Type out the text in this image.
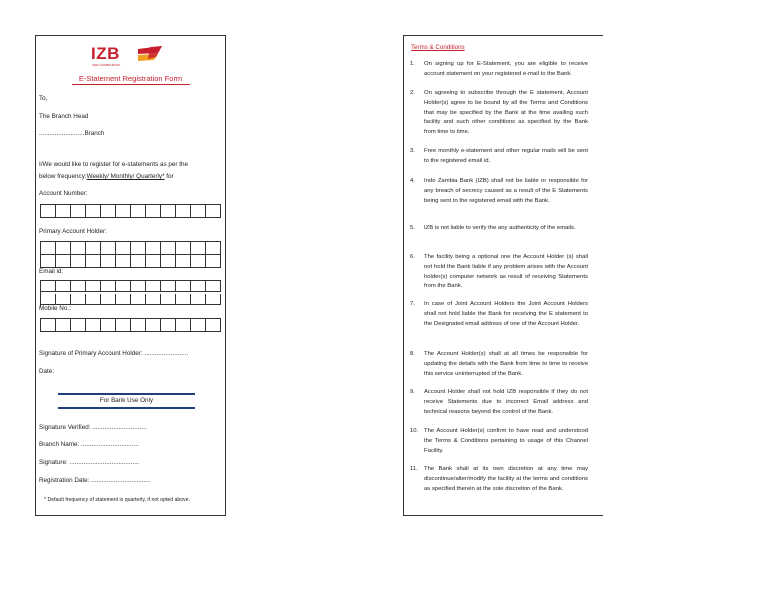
IZB
INDO ZAMBIA BANK
E-Statement Registration Form
To,
The Branch Head
..........................Branch
I/We would like to register for e-statements as per the
below frequency:Weekly/ Monthly/ Quarterly* for
Account Number:
Primary Account Holder:
Email id:
Mobile No.:
Signature of Primary Account Holder: .........................
Date:
For Bank Use Only
Signature Verified: ...............................
Branch Name: .................................
Signature: ........................................
Registration Date: ..................................
* Default frequency of statement is quarterly, if not opted above.
Terms & Conditions
1. On signing up for E-Statement, you are eligible to receive account statement on your registered e-mail to the Bank.
2. On agreeing to subscribe through the E statement, Account Holder(s) agree to be bound by all the Terms and Conditions that may be specified by the Bank at the time availing such facility and such other conditions as specified by the Bank from time to time.
3. Free monthly e-statement and other regular mails will be sent to the registered email id.
4. Indo Zambia Bank (IZB) shall not be liable or responsible for any breach of secrecy caused as a result of the E Statements being sent to the registered email with the Bank.
5. IZB is not liable to verify the any authenticity of the emails.
6. The facility being a optional one the Account Holder (s) shall not hold the Bank liable if any problem arises with the Account holder(s) computer network as result of receiving Statements from the Bank.
7. In case of Joint Account Holders the Joint Account Holders shall not hold liable the Bank for receiving the E statement to the Designated email address of one of the Account Holder.
8. The Account Holder(s) shall at all times be responsible for updating the details with the Bank from time to time to receive this service uninterrupted of the Bank.
9. Account Holder shall not hold IZB responsible if they do not receive Statements due to incorrect Email address and technical reasons beyond the control of the Bank.
10. The Account Holder(s) confirm to have read and understood the Terms & Conditions pertaining to usage of this Channel Facility.
11. The Bank shall at its own discretion at any time may discontinue/alter/modify the facility at the terms and conditions as specified therein at the sole discretion of the Bank.
